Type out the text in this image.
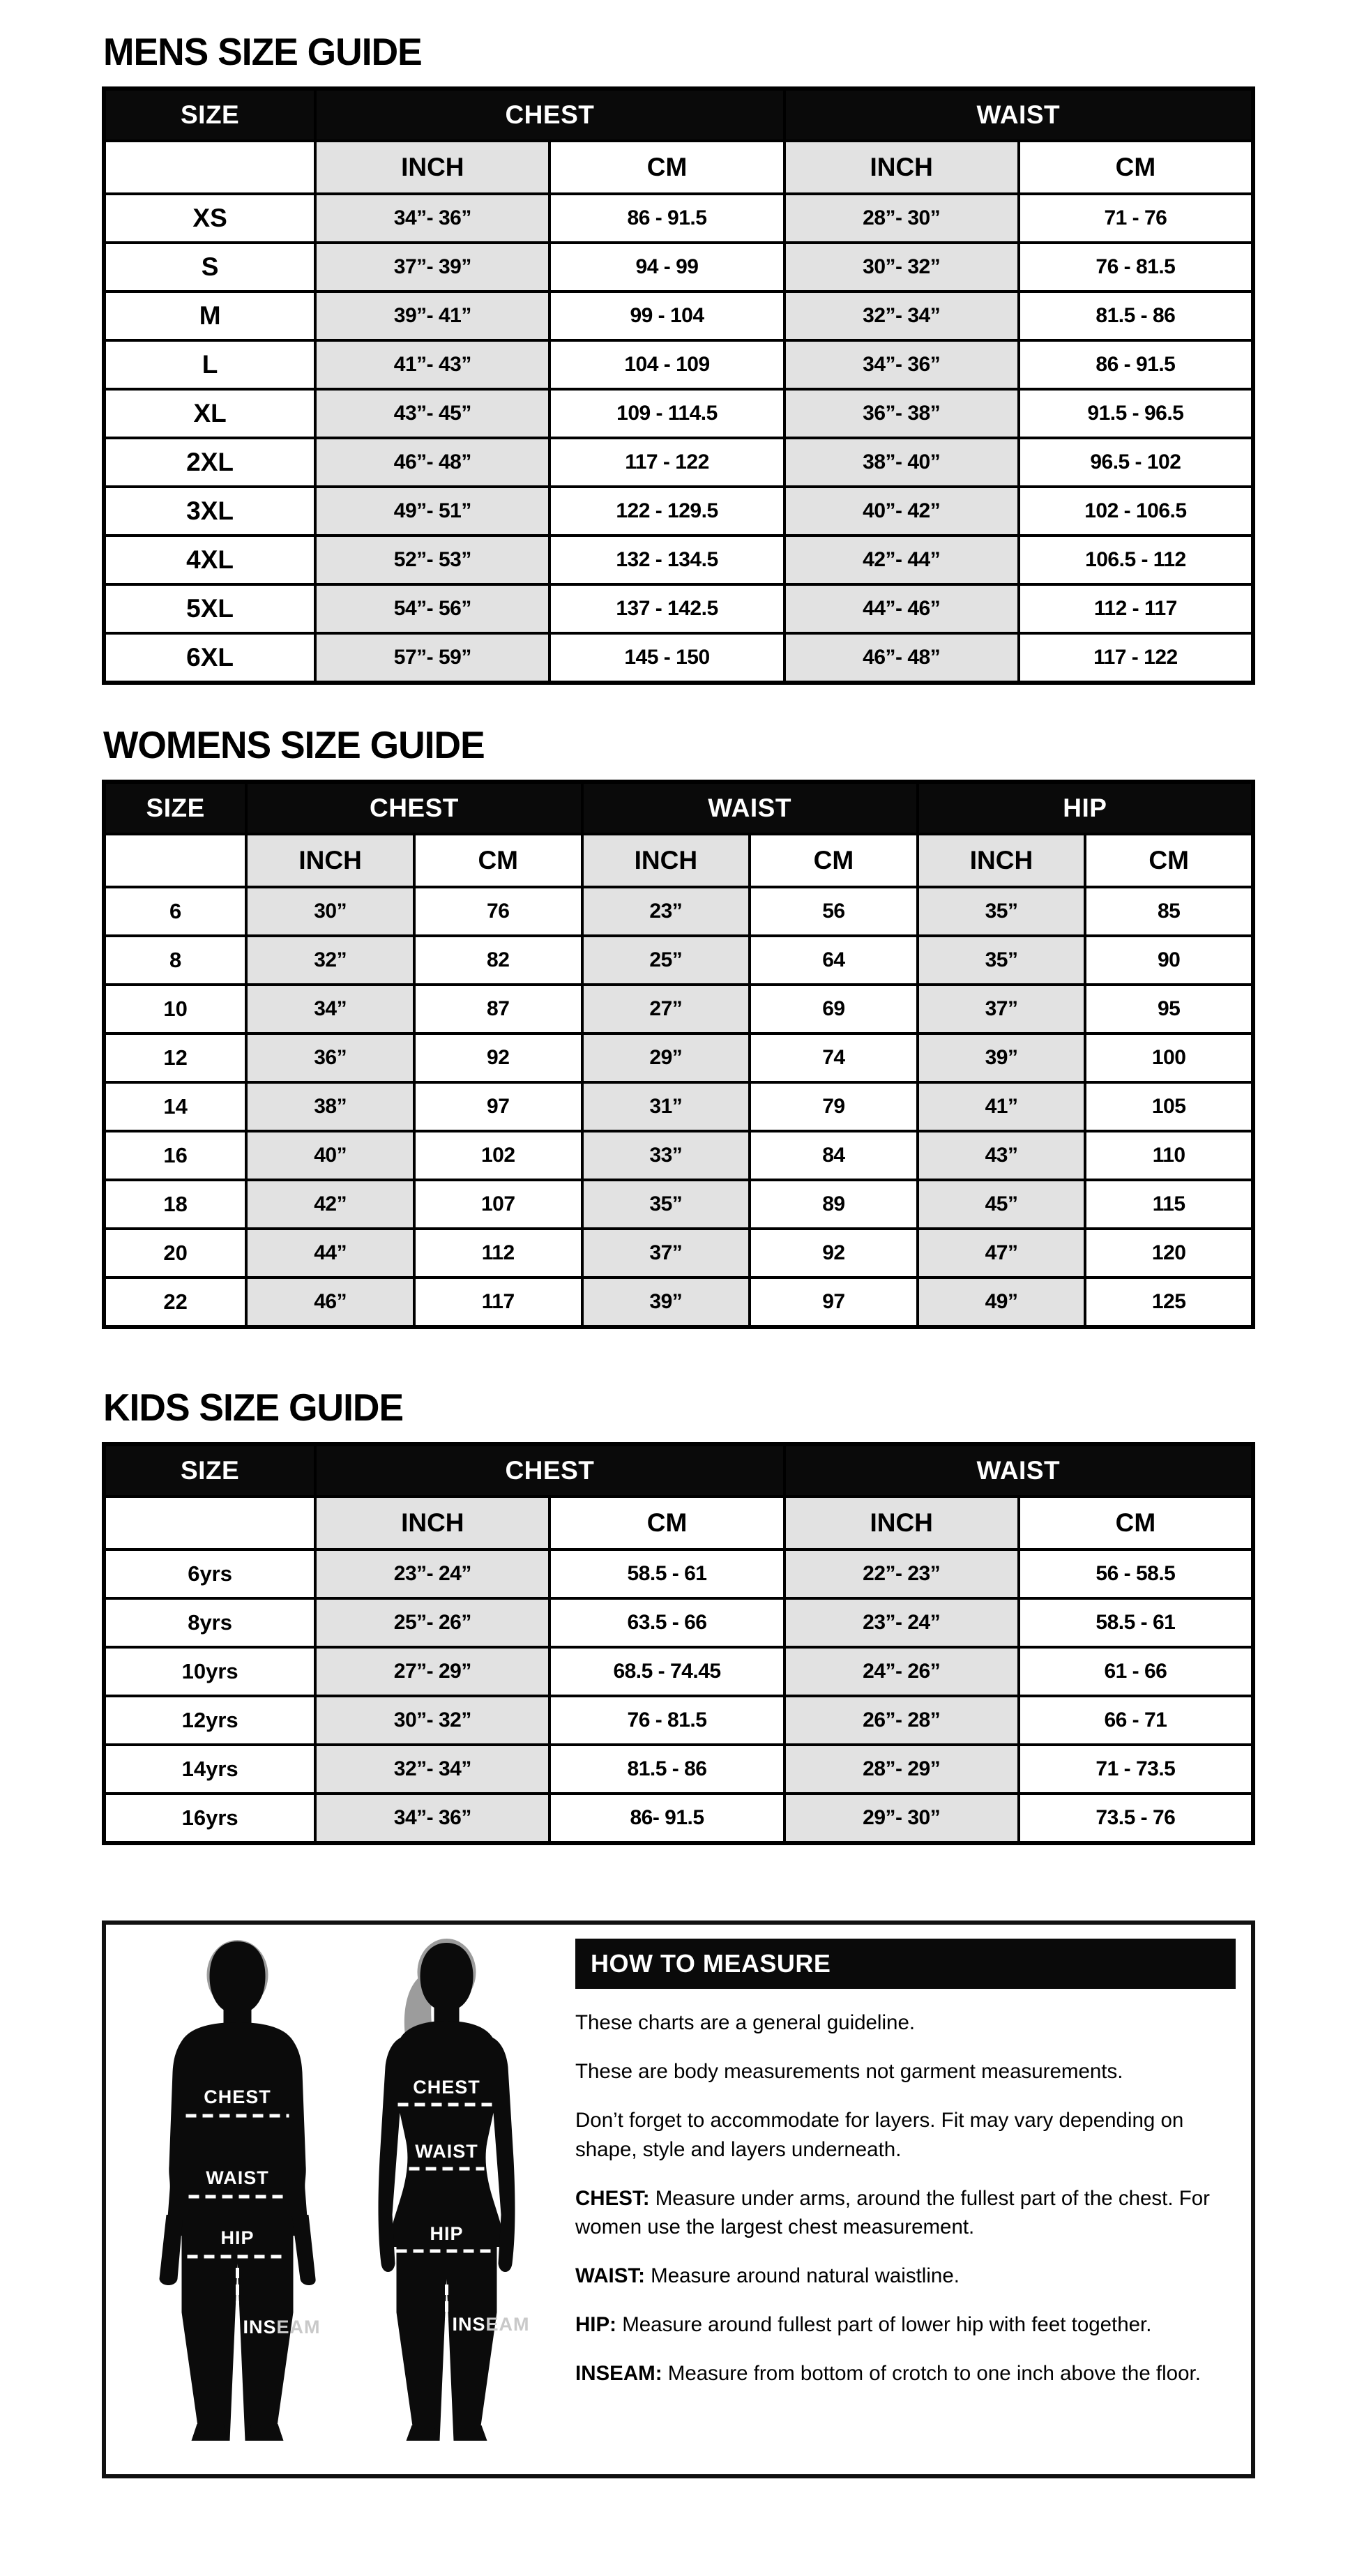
MENS SIZE GUIDE
SIZE	CHEST		WAIST	
	INCH	CM	INCH	CM
XS	34”- 36”	86 - 91.5	28”- 30”	71 - 76
S	37”- 39”	94 - 99	30”- 32”	76 - 81.5
M	39”- 41”	99 - 104	32”- 34”	81.5 - 86
L	41”- 43”	104 - 109	34”- 36”	86 - 91.5
XL	43”- 45”	109 - 114.5	36”- 38”	91.5 - 96.5
2XL	46”- 48”	117 - 122	38”- 40”	96.5 - 102
3XL	49”- 51”	122 - 129.5	40”- 42”	102 - 106.5
4XL	52”- 53”	132 - 134.5	42”- 44”	106.5 - 112
5XL	54”- 56”	137 - 142.5	44”- 46”	112 - 117
6XL	57”- 59”	145 - 150	46”- 48”	117 - 122
WOMENS SIZE GUIDE
SIZE	CHEST		WAIST		HIP	
	INCH	CM	INCH	CM	INCH	CM
6	30”	76	23”	56	35”	85
8	32”	82	25”	64	35”	90
10	34”	87	27”	69	37”	95
12	36”	92	29”	74	39”	100
14	38”	97	31”	79	41”	105
16	40”	102	33”	84	43”	110
18	42”	107	35”	89	45”	115
20	44”	112	37”	92	47”	120
22	46”	117	39”	97	49”	125
KIDS SIZE GUIDE
SIZE	CHEST		WAIST	
	INCH	CM	INCH	CM
6yrs	23”- 24”	58.5 - 61	22”- 23”	56 - 58.5
8yrs	25”- 26”	63.5 - 66	23”- 24”	58.5 - 61
10yrs	27”- 29”	68.5 - 74.45	24”- 26”	61 - 66
12yrs	30”- 32”	76 - 81.5	26”- 28”	66 - 71
14yrs	32”- 34”	81.5 - 86	28”- 29”	71 - 73.5
16yrs	34”- 36”	86- 91.5	29”- 30”	73.5 - 76
CHEST
WAIST
HIP
INSEAM
CHEST
WAIST
HIP
INSEAM
HOW TO MEASURE
These charts are a general guideline.
These are body measurements not garment measurements.
Don’t forget to accommodate for layers. Fit may vary depending on shape, style and layers underneath.
CHEST: Measure under arms, around the fullest part of the chest. For women use the largest chest measurement.
WAIST: Measure around natural waistline.
HIP: Measure around fullest part of lower hip with feet together.
INSEAM: Measure from bottom of crotch to one inch above the floor.
